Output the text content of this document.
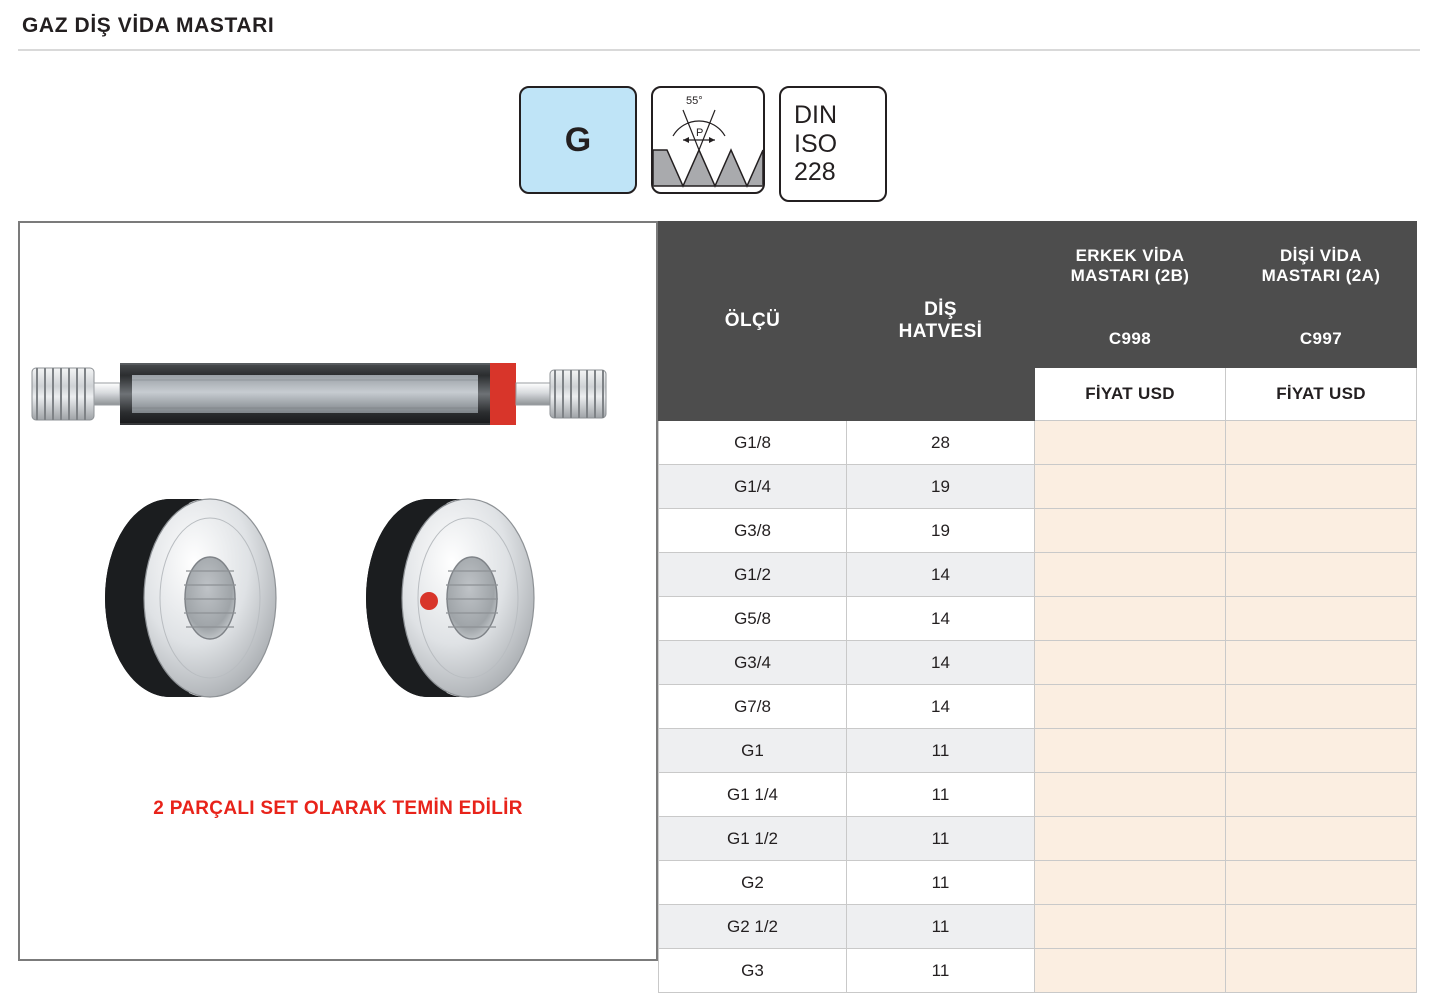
GAZ DİŞ VİDA MASTARI
G	P
55°
DIN
ISO
228
2 PARÇALI SET OLARAK TEMİN EDİLİR
ÖLÇÜ	
DİŞ
HATVESİ

ERKEK VİDA
MASTARI (2B)

DİŞİ VİDA
MASTARI (2A)

		C998	C997
		FİYAT USD	FİYAT USD
G1/8	28		
G1/4	19		
G3/8	19		
G1/2	14		
G5/8	14		
G3/4	14		
G7/8	14		
G1	11		
G1 1/4	11		
G1 1/2	11		
G2	11		
G2 1/2	11		
G3	11		
